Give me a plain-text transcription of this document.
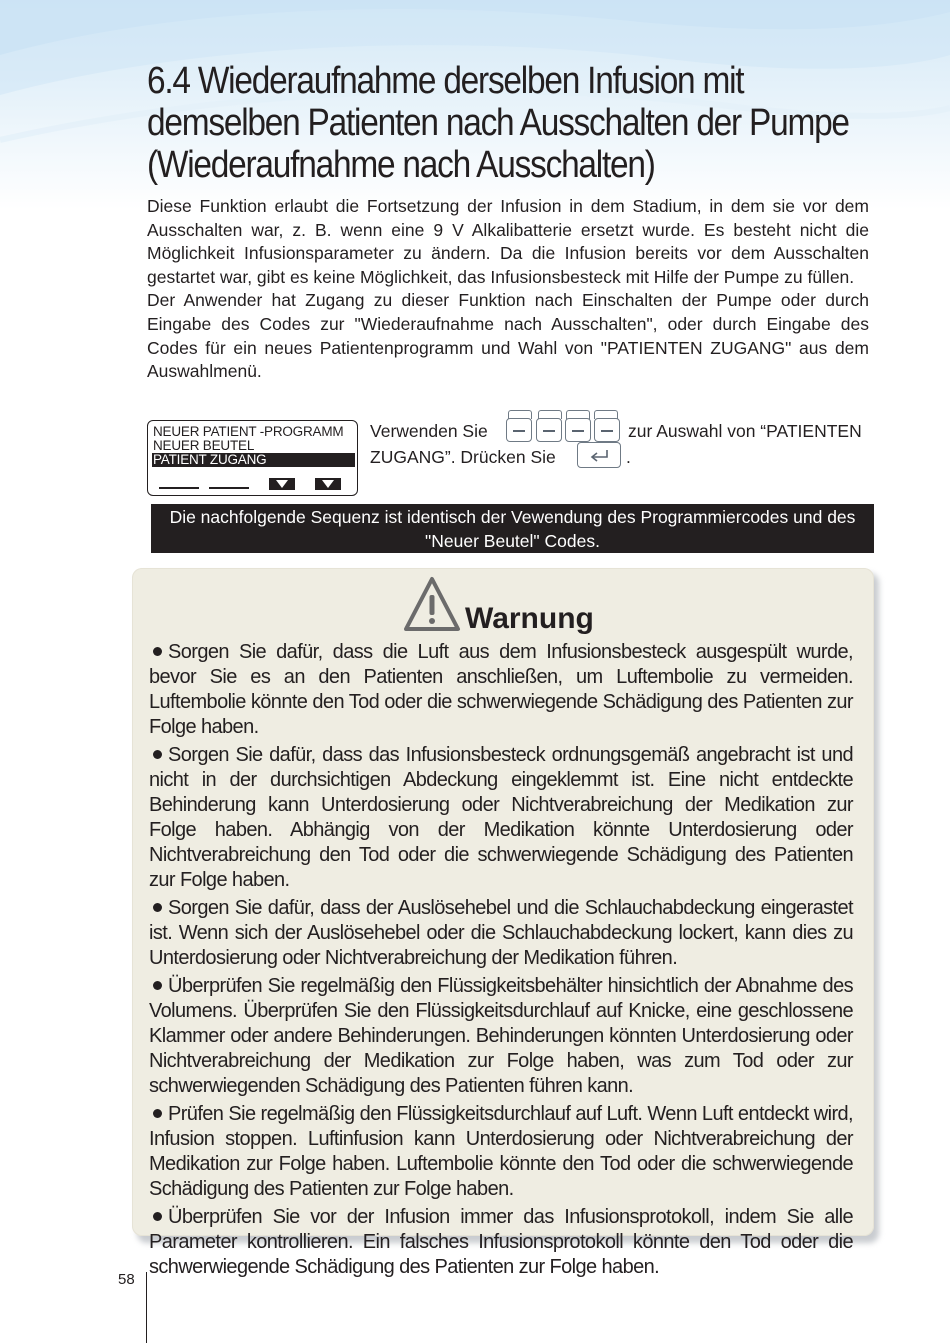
6.4 Wiederaufnahme derselben Infusion mit demselben Patienten nach Ausschalten der Pumpe (Wiederaufnahme nach Ausschalten)

Diese Funktion erlaubt die Fortsetzung der Infusion in dem Stadium, in dem sie vor dem Ausschalten war, z. B. wenn eine 9 V Alkalibatterie ersetzt wurde. Es besteht nicht die Möglichkeit Infusionsparameter zu ändern. Da die Infusion bereits vor dem Ausschalten gestartet war, gibt es keine Möglichkeit, das Infusionsbesteck mit Hilfe der Pumpe zu füllen.

Der Anwender hat Zugang zu dieser Funktion nach Einschalten der Pumpe oder durch Eingabe des Codes zur "Wiederaufnahme nach Ausschalten", oder durch Eingabe des Codes für ein neues Patientenprogramm und Wahl von "PATIENTEN ZUGANG" aus dem Auswahlmenü.

NEUER PATIENT -PROGRAMM
NEUER BEUTEL
PATIENT ZUGANG
Verwenden Sie	zur Auswahl von “PATIENTEN
ZUGANG”. Drücken Sie	.
Die nachfolgende Sequenz ist identisch der Vewendung des Programmiercodes und des
"Neuer Beutel" Codes.
Warnung
Sorgen Sie dafür, dass die Luft aus dem Infusionsbesteck ausgespült wurde, bevor Sie es an den Patienten anschließen, um Luftembolie zu vermeiden. Luftembolie könnte den Tod oder die schwerwiegende Schädigung des Patienten zur Folge haben.
Sorgen Sie dafür, dass das Infusionsbesteck ordnungsgemäß angebracht ist und nicht in der durchsichtigen Abdeckung eingeklemmt ist. Eine nicht entdeckte Behinderung kann Unterdosierung oder Nichtverabreichung der Medikation zur Folge haben. Abhängig von der Medikation könnte Unterdosierung oder Nichtverabreichung den Tod oder die schwerwiegende Schädigung des Patienten zur Folge haben.
Sorgen Sie dafür, dass der Auslösehebel und die Schlauchabdeckung eingerastet ist. Wenn sich der Auslösehebel oder die Schlauchabdeckung lockert, kann dies zu Unterdosierung oder Nichtverabreichung der Medikation führen.
Überprüfen Sie regelmäßig den Flüssigkeitsbehälter hinsichtlich der Abnahme des Volumens. Überprüfen Sie den Flüssigkeitsdurchlauf auf Knicke, eine geschlossene Klammer oder andere Behinderungen. Behinderungen könnten Unterdosierung oder Nichtverabreichung der Medikation zur Folge haben, was zum Tod oder zur schwerwiegenden Schädigung des Patienten führen kann.
Prüfen Sie regelmäßig den Flüssigkeitsdurchlauf auf Luft. Wenn Luft entdeckt wird, Infusion stoppen. Luftinfusion kann Unterdosierung oder Nichtverabreichung der Medikation zur Folge haben. Luftembolie könnte den Tod oder die schwerwiegende Schädigung des Patienten zur Folge haben.
Überprüfen Sie vor der Infusion immer das Infusionsprotokoll, indem Sie alle Parameter kontrollieren. Ein falsches Infusionsprotokoll könnte den Tod oder die schwerwiegende Schädigung des Patienten zur Folge haben.
58
